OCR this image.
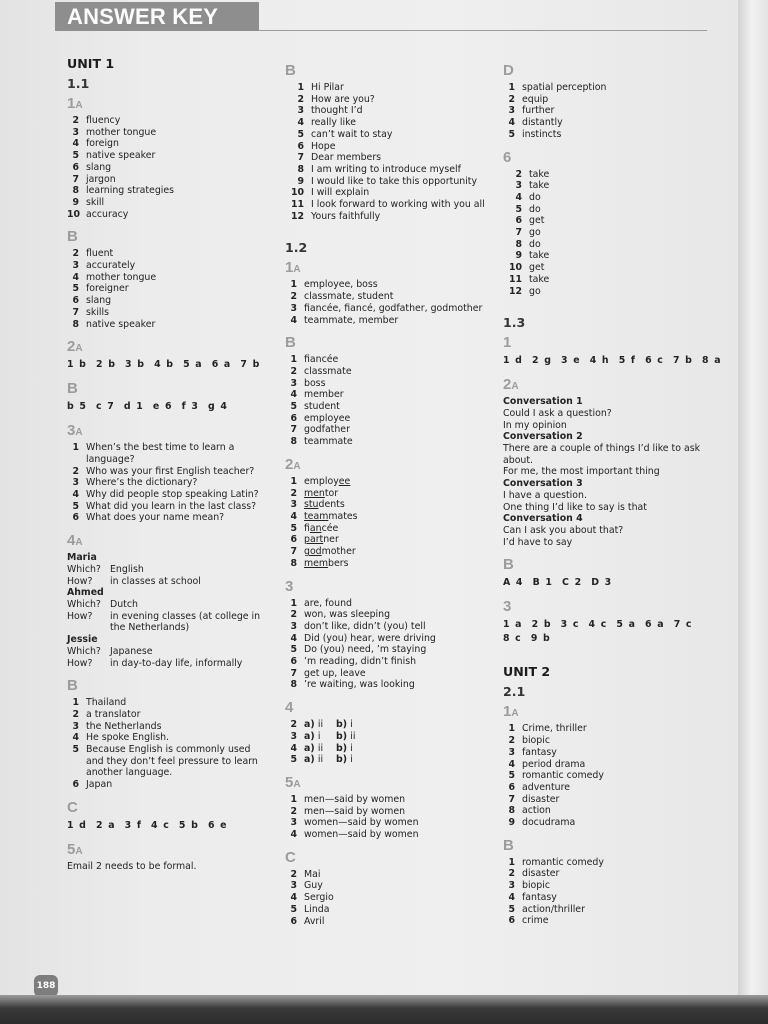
ANSWER KEY
UNIT 1
1.1
1A
2 fluency
3 mother tongue
4 foreign
5 native speaker
6 slang
7 jargon
8 learning strategies
9 skill
10 accuracy
B
2 fluent
3 accurately
4 mother tongue
5 foreigner
6 slang
7 skills
8 native speaker
2A
1 b  2 b  3 b  4 b  5 a  6 a  7 b
B
b 5  c 7  d 1  e 6  f 3  g 4
3A
1 When’s the best time to learn a language?
2 Who was your first English teacher?
3 Where’s the dictionary?
4 Why did people stop speaking Latin?
5 What did you learn in the last class?
6 What does your name mean?
4A
Maria
Which? English
How?	in classes at school
Ahmed
Which? Dutch
How?	in evening classes (at college in the Netherlands)
Jessie
Which? Japanese
How?	in day-to-day life, informally
B
1 Thailand
2 a translator
3 the Netherlands
4 He spoke English.
5 Because English is commonly used and they don’t feel pressure to learn another language.
6 Japan
C
1 d  2 a  3 f  4 c  5 b  6 e
5A
Email 2 needs to be formal.
B
1 Hi Pilar
2 How are you?
3 thought I’d
4 really like
5 can’t wait to stay
6 Hope
7 Dear members
8 I am writing to introduce myself
9 I would like to take this opportunity
10 I will explain
11 I look forward to working with you all
12 Yours faithfully
1.2
1A
1 employee, boss
2 classmate, student
3 fiancée, fiancé, godfather, godmother
4 teammate, member
B
1 fiancée
2 classmate
3 boss
4 member
5 student
6 employee
7 godfather
8 teammate
2A
1 employee
2 mentor
3 students
4 teammates
5 fiancée
6 partner
7 godmother
8 members
3
1 are, found
2 won, was sleeping
3 don’t like, didn’t (you) tell
4 Did (you) hear, were driving
5 Do (you) need, ’m staying
6 ’m reading, didn’t finish
7 get up, leave
8 ’re waiting, was looking
4
2 a) ii	b) i
3 a) i	b) ii
4 a) ii	b) i
5 a) ii	b) i
5A
1 men—said by women
2 men—said by women
3 women—said by women
4 women—said by women
C
2 Mai
3 Guy
4 Sergio
5 Linda
6 Avril
D
1 spatial perception
2 equip
3 further
4 distantly
5 instincts
6
2 take
3 take
4 do
5 do
6 get
7 go
8 do
9 take
10 get
11 take
12 go
1.3
1
1 d  2 g  3 e  4 h  5 f  6 c  7 b  8 a
2A
Conversation 1
Could I ask a question?
In my opinion
Conversation 2
There are a couple of things I’d like to ask about.
For me, the most important thing
Conversation 3
I have a question.
One thing I’d like to say is that
Conversation 4
Can I ask you about that?
I’d have to say
B
A 4  B 1  C 2  D 3
3
1 a  2 b  3 c  4 c  5 a  6 a  7 c
8 c  9 b
UNIT 2
2.1
1A
1 Crime, thriller
2 biopic
3 fantasy
4 period drama
5 romantic comedy
6 adventure
7 disaster
8 action
9 docudrama
B
1 romantic comedy
2 disaster
3 biopic
4 fantasy
5 action/thriller
6 crime
188
